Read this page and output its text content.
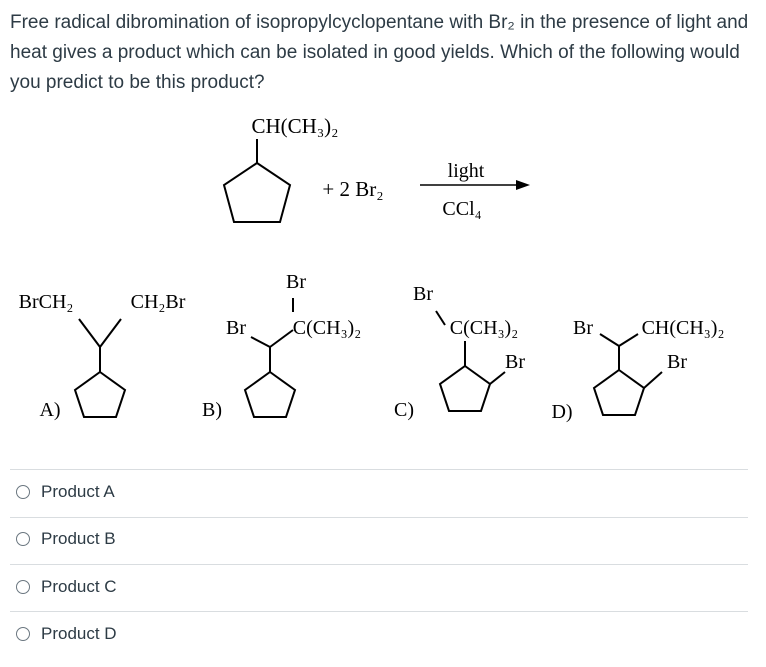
Free radical dibromination of isopropylcyclopentane with Br₂ in the presence of light and heat gives a product which can be isolated in good yields. Which of the following would you predict to be this product?
CH(CH₃)₂
+ 2 Br₂
light
CCl₄
BrCH₂	CH₂Br
A)
Br
Br C(CH₃)₂
B)
Br
C(CH₃)₂
Br
C)
Br CH(CH₃)₂
Br
D)
Product A
Product B
Product C
Product D
